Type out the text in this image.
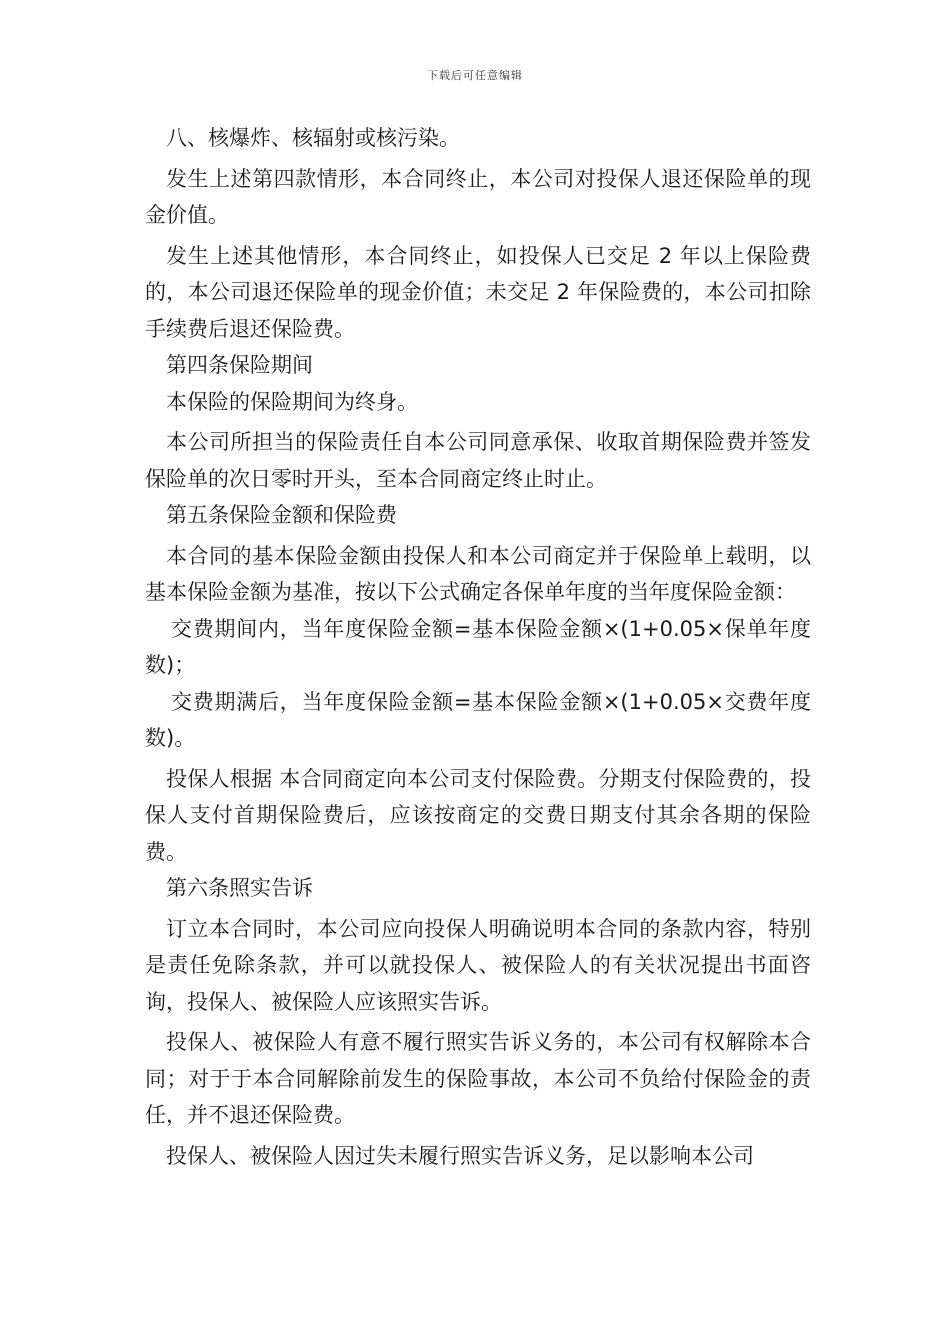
下载后可任意编辑

八、核爆炸、核辐射或核污染。

发生上述第四款情形，本合同终止，本公司对投保人退还保险单的现金价值。

发生上述其他情形，本合同终止，如投保人已交足 2 年以上保险费的，本公司退还保险单的现金价值；未交足 2 年保险费的，本公司扣除手续费后退还保险费。

第四条保险期间

本保险的保险期间为终身。

本公司所担当的保险责任自本公司同意承保、收取首期保险费并签发保险单的次日零时开头，至本合同商定终止时止。

第五条保险金额和保险费

本合同的基本保险金额由投保人和本公司商定并于保险单上载明，以基本保险金额为基准，按以下公式确定各保单年度的当年度保险金额：

交费期间内，当年度保险金额=基本保险金额×(1+0.05×保单年度数)；

交费期满后，当年度保险金额=基本保险金额×(1+0.05×交费年度数)。

投保人根据 本合同商定向本公司支付保险费。分期支付保险费的，投保人支付首期保险费后，应该按商定的交费日期支付其余各期的保险费。

第六条照实告诉

订立本合同时，本公司应向投保人明确说明本合同的条款内容，特别是责任免除条款，并可以就投保人、被保险人的有关状况提出书面咨询，投保人、被保险人应该照实告诉。

投保人、被保险人有意不履行照实告诉义务的，本公司有权解除本合同；对于于本合同解除前发生的保险事故，本公司不负给付保险金的责任，并不退还保险费。

投保人、被保险人因过失未履行照实告诉义务，足以影响本公司
